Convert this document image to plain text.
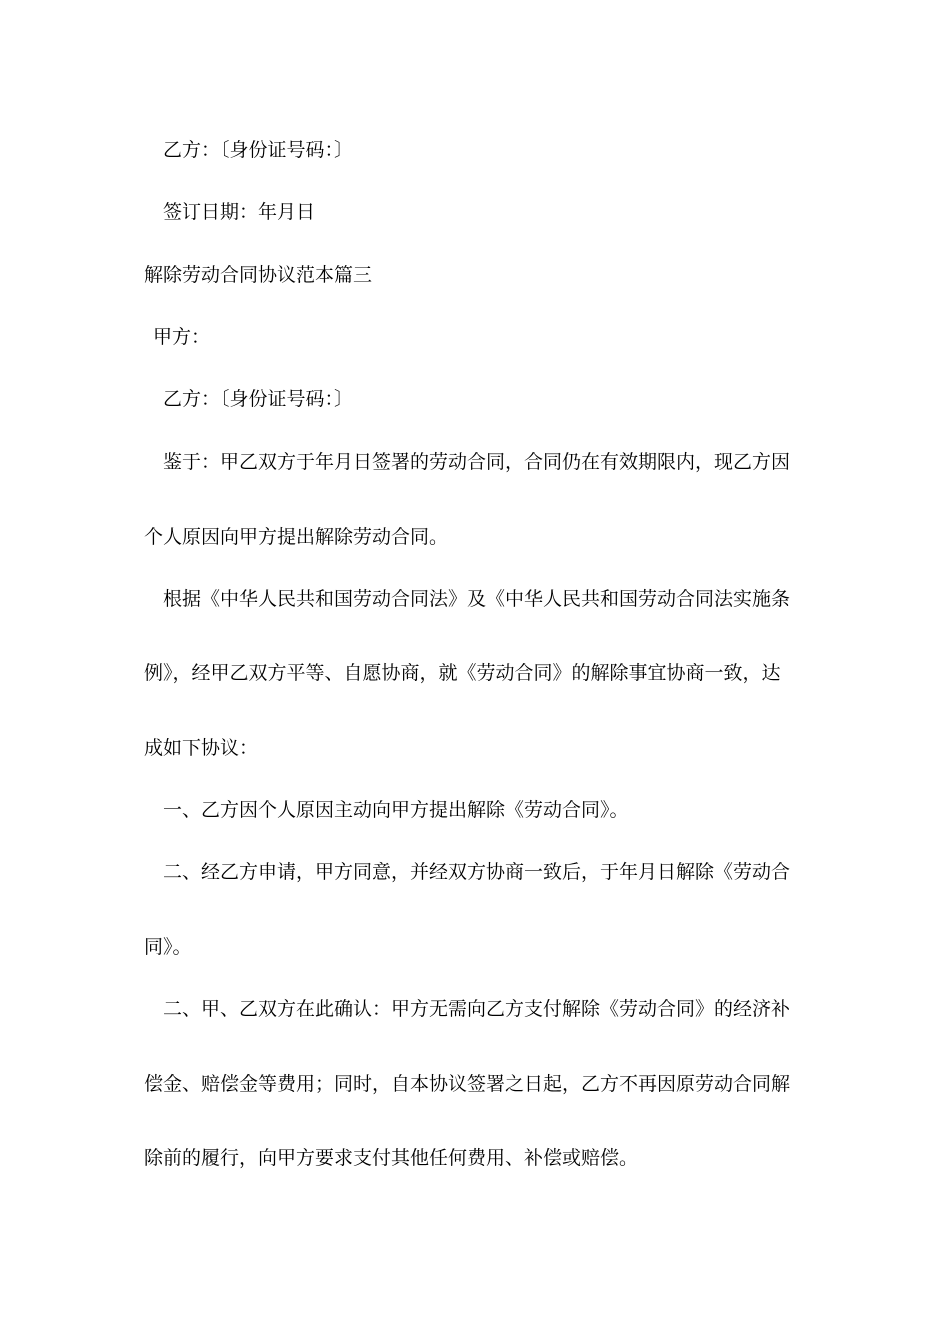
乙方：〔身份证号码：〕
签订日期：年月日
解除劳动合同协议范本篇三
甲方：
乙方：〔身份证号码：〕
鉴于：甲乙双方于年月日签署的劳动合同，合同仍在有效期限内，现乙方因
个人原因向甲方提出解除劳动合同。
根据《中华人民共和国劳动合同法》及《中华人民共和国劳动合同法实施条
例》，经甲乙双方平等、自愿协商，就《劳动合同》的解除事宜协商一致，达
成如下协议：
一、乙方因个人原因主动向甲方提出解除《劳动合同》。
二、经乙方申请，甲方同意，并经双方协商一致后，于年月日解除《劳动合
同》。
二、甲、乙双方在此确认：甲方无需向乙方支付解除《劳动合同》的经济补
偿金、赔偿金等费用；同时，自本协议签署之日起，乙方不再因原劳动合同解
除前的履行，向甲方要求支付其他任何费用、补偿或赔偿。
